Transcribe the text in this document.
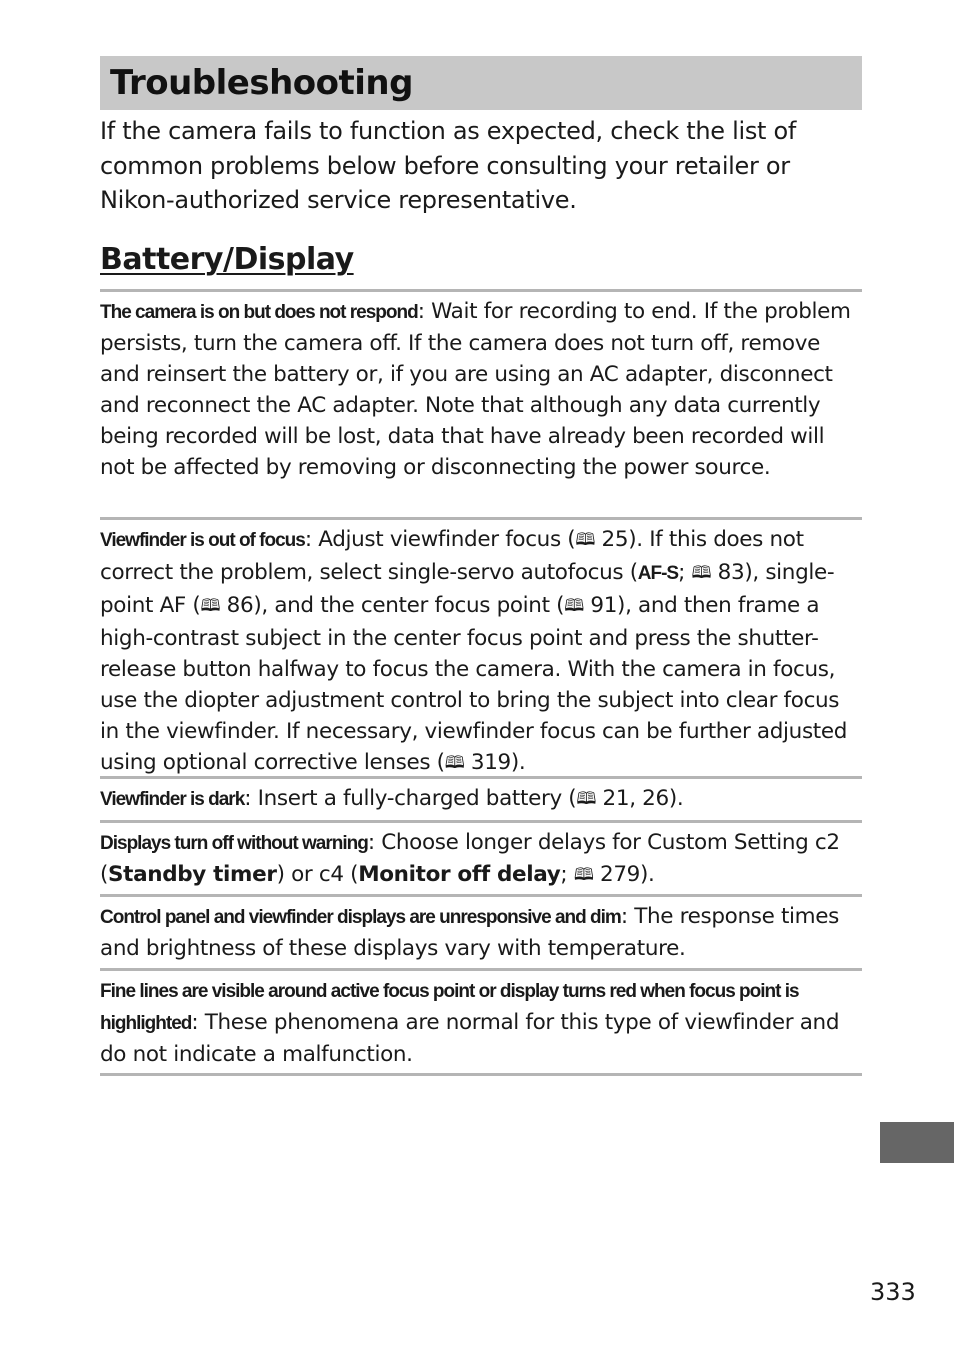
Troubleshooting

If the camera fails to function as expected, check the list of common problems below before consulting your retailer or Nikon-authorized service representative.

Battery/Display

The camera is on but does not respond: Wait for recording to end. If the problem persists, turn the camera off. If the camera does not turn off, remove and reinsert the battery or, if you are using an AC adapter, disconnect and reconnect the AC adapter. Note that although any data currently being recorded will be lost, data that have already been recorded will not be affected by removing or disconnecting the power source.

Viewfinder is out of focus: Adjust viewfinder focus (🕮 25). If this does not correct the problem, select single-servo autofocus (AF-S; 🕮 83), single-point AF (🕮 86), and the center focus point (🕮 91), and then frame a high-contrast subject in the center focus point and press the shutter-release button halfway to focus the camera. With the camera in focus, use the diopter adjustment control to bring the subject into clear focus in the viewfinder. If necessary, viewfinder focus can be further adjusted using optional corrective lenses (🕮 319).

Viewfinder is dark: Insert a fully-charged battery (🕮 21, 26).

Displays turn off without warning: Choose longer delays for Custom Setting c2 (Standby timer) or c4 (Monitor off delay; 🕮 279).

Control panel and viewfinder displays are unresponsive and dim: The response times and brightness of these displays vary with temperature.

Fine lines are visible around active focus point or display turns red when focus point is highlighted: These phenomena are normal for this type of viewfinder and do not indicate a malfunction.

333
